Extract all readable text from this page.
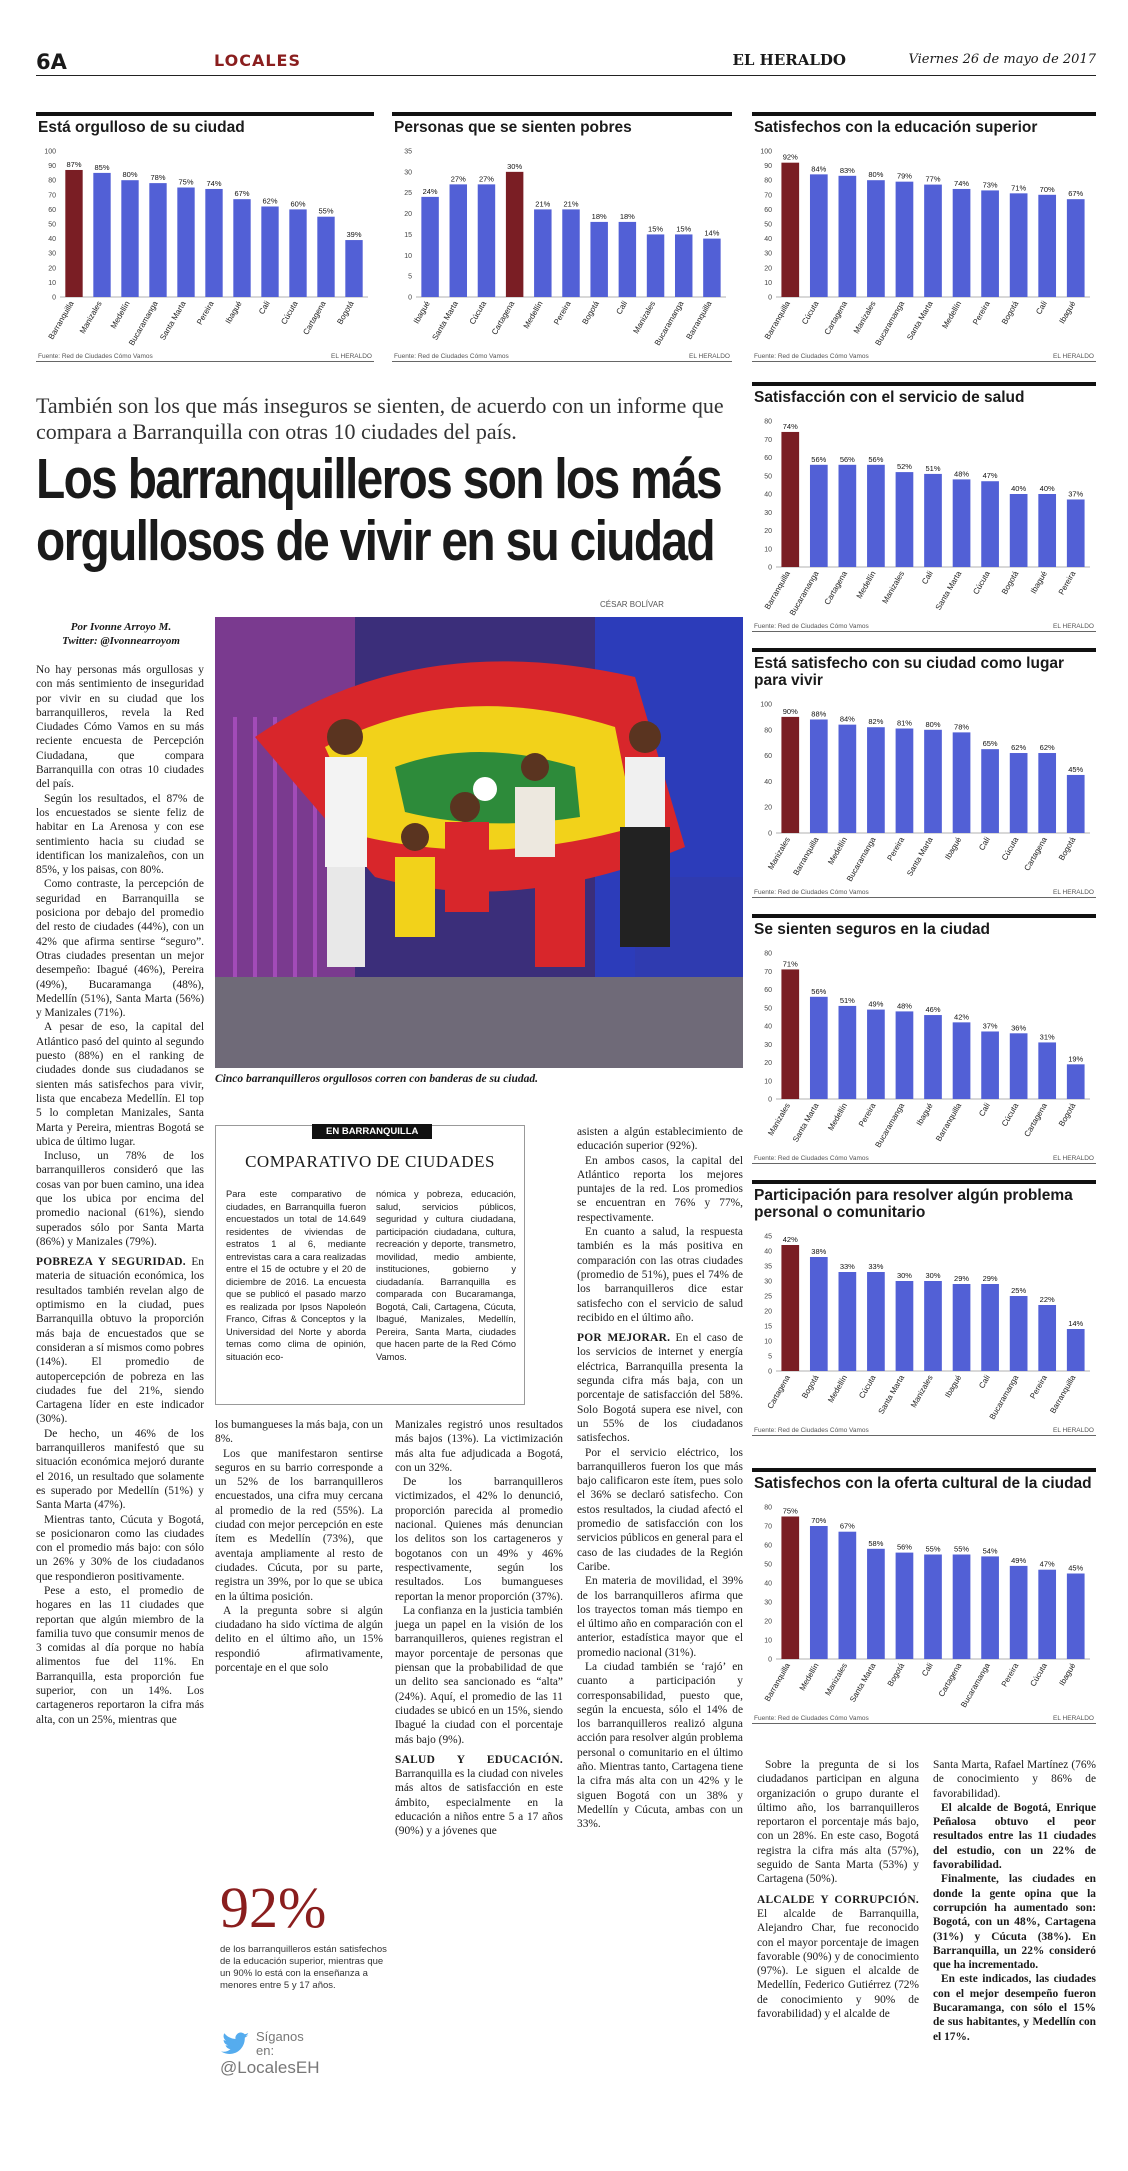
6A	LOCALES	EL HERALDO	Viernes 26 de mayo de 2017
Está orgulloso de su ciudad
0
10
20
30
40
50
60
70
80
90
100
87%
Barranquilla
85%
Manizales
80%
Medellín
78%
Bucaramanga
75%
Santa Marta
74%
Pereira
67%
Ibagué
62%
Cali
60%
Cúcuta
55%
Cartagena
39%
Bogotá
Fuente: Red de Ciudades Cómo Vamos	EL HERALDO
Personas que se sienten pobres
0
5
10
15
20
25
30
35
24%
Ibagué
27%
Santa Marta
27%
Cúcuta
30%
Cartagena
21%
Medellín
21%
Pereira
18%
Bogotá
18%
Cali
15%
Manizales
15%
Bucaramanga
14%
Barranquilla
Fuente: Red de Ciudades Cómo Vamos	EL HERALDO
Satisfechos con la educación superior
0
10
20
30
40
50
60
70
80
90
100
92%
Barranquilla
84%
Cúcuta
83%
Cartagena
80%
Manizales
79%
Bucaramanga
77%
Santa Marta
74%
Medellín
73%
Pereira
71%
Bogotá
70%
Cali
67%
Ibagué
Fuente: Red de Ciudades Cómo Vamos	EL HERALDO
Satisfacción con el servicio de salud
0
10
20
30
40
50
60
70
80 74%
Barranquilla
56%
Bucaramanga
56%
Cartagena
56%
Medellín
52%
Manizales
51%
Cali
48%
Santa Marta
47%
Cúcuta
40%
Bogotá
40%
Ibagué
37%
Pereira
Fuente: Red de Ciudades Cómo Vamos	EL HERALDO
Está satisfecho con su ciudad como lugar para vivir
0
20
40
60
80
100
90%
Manizales
88%
Barranquilla
84%
Medellín
82%
Bucaramanga
81%
Pereira
80%
Santa Marta
78%
Ibagué
65%
Cali
62%
Cúcuta
62%
Cartagena
45%
Bogotá
Fuente: Red de Ciudades Cómo Vamos	EL HERALDO
Se sienten seguros en la ciudad
0
10
20
30
40
50
60
70
80
71%
Manizales
56%
Santa Marta
51%
Medellín
49%
Pereira
48%
Bucaramanga
46%
Ibagué
42%
Barranquilla
37%
Cali
36%
Cúcuta
31%
Cartagena
19%
Bogotá
Fuente: Red de Ciudades Cómo Vamos	EL HERALDO
Participación para resolver algún problema personal o comunitario
0
5
10
15
20
25
30
35
40
45 42%
Cartagena
38%
Bogotá
33%
Medellín
33%
Cúcuta
30%
Santa Marta
30%
Manizales
29%
Ibagué
29%
Cali
25%
Bucaramanga
22%
Pereira
14%
Barranquilla
Fuente: Red de Ciudades Cómo Vamos	EL HERALDO
Satisfechos con la oferta cultural de la ciudad
0
10
20
30
40
50
60
70
80 75%
Barranquilla
70%
Medellín
67%
Manizales
58%
Santa Marta
56%
Bogotá
55%
Cali
55%
Cartagena
54%
Bucaramanga
49%
Pereira
47%
Cúcuta
45%
Ibagué
Fuente: Red de Ciudades Cómo Vamos	EL HERALDO
También son los que más inseguros se sienten, de acuerdo con un informe que compara a Barranquilla con otras 10 ciudades del país.
Los barranquilleros son los más
orgullosos de vivir en su ciudad
CÉSAR BOLÍVAR
Cinco barranquilleros orgullosos corren con banderas de su ciudad.
Por Ivonne Arroyo M.
Twitter: @Ivonnearroyom

No hay personas más orgullosas y con más sentimiento de inseguridad por vivir en su ciudad que los barranquilleros, revela la Red Ciudades Cómo Vamos en su más reciente encuesta de Percepción Ciudadana, que compara Barranquilla con otras 10 ciudades del país.

Según los resultados, el 87% de los encuestados se siente feliz de habitar en La Arenosa y con ese sentimiento hacia su ciudad se identifican los manizaleños, con un 85%, y los paisas, con 80%.

Como contraste, la percepción de seguridad en Barranquilla se posiciona por debajo del promedio del resto de ciudades (44%), con un 42% que afirma sentirse “seguro”. Otras ciudades presentan un mejor desempeño: Ibagué (46%), Pereira (49%), Bucaramanga (48%), Medellín (51%), Santa Marta (56%) y Manizales (71%).

A pesar de eso, la capital del Atlántico pasó del quinto al segundo puesto (88%) en el ranking de ciudades donde sus ciudadanos se sienten más satisfechos para vivir, lista que encabeza Medellín. El top 5 lo completan Manizales, Santa Marta y Pereira, mientras Bogotá se ubica de último lugar.

Incluso, un 78% de los barranquilleros consideró que las cosas van por buen camino, una idea que los ubica por encima del promedio nacional (61%), siendo superados sólo por Santa Marta (86%) y Manizales (79%).

POBREZA Y SEGURIDAD. En materia de situación económica, los resultados también revelan algo de optimismo en la ciudad, pues Barranquilla obtuvo la proporción más baja de encuestados que se consideran a sí mismos como pobres (14%). El promedio de autopercepción de pobreza en las ciudades fue del 21%, siendo Cartagena líder en este indicador (30%).

De hecho, un 46% de los barranquilleros manifestó que su situación económica mejoró durante el 2016, un resultado que solamente es superado por Medellín (51%) y Santa Marta (47%).

Mientras tanto, Cúcuta y Bogotá, se posicionaron como las ciudades con el promedio más bajo: con sólo un 26% y 30% de los ciudadanos que respondieron positivamente.

Pese a esto, el promedio de hogares en las 11 ciudades que reportan que algún miembro de la familia tuvo que consumir menos de 3 comidas al día porque no había alimentos fue del 11%. En Barranquilla, esta proporción fue superior, con un 14%. Los cartageneros reportaron la cifra más alta, con un 25%, mientras que

EN BARRANQUILLA
COMPARATIVO DE CIUDADES
Para este comparativo de ciudades, en Barranquilla fueron encuestados un total de 14.649 residentes de viviendas de estratos 1 al 6, mediante entrevistas cara a cara realizadas entre el 15 de octubre y el 20 de diciembre de 2016. La encuesta que se publicó el pasado marzo es realizada por Ipsos Napoleón Franco, Cifras & Conceptos y la Universidad del Norte y aborda temas como clima de opinión, situación eco-
nómica y pobreza, educación, salud, servicios públicos, seguridad y cultura ciudadana, participación ciudadana, cultura, recreación y deporte, transmetro, movilidad, medio ambiente, instituciones, gobierno y ciudadanía. Barranquilla es comparada con Bucaramanga, Bogotá, Cali, Cartagena, Cúcuta, Ibagué, Manizales, Medellín, Pereira, Santa Marta, ciudades que hacen parte de la Red Cómo Vamos.

los bumangueses la más baja, con un 8%.

Los que manifestaron sentirse seguros en su barrio corresponde a un 52% de los barranquilleros encuestados, una cifra muy cercana al promedio de la red (55%). La ciudad con mejor percepción en este ítem es Medellín (73%), que aventaja ampliamente al resto de ciudades. Cúcuta, por su parte, registra un 39%, por lo que se ubica en la última posición.

A la pregunta sobre si algún ciudadano ha sido víctima de algún delito en el último año, un 15% respondió afirmativamente, porcentaje en el que solo

92%
de los barranquilleros están satisfechos de la educación superior, mientras que un 90% lo está con la enseñanza a menores entre 5 y 17 años.
Síganos en:
@LocalesEH

Manizales registró unos resultados más bajos (13%). La victimización más alta fue adjudicada a Bogotá, con un 32%.

De los barranquilleros victimizados, el 42% lo denunció, proporción parecida al promedio nacional. Quienes más denuncian los delitos son los cartageneros y bogotanos con un 49% y 46% respectivamente, según los resultados. Los bumangueses reportan la menor proporción (37%).

La confianza en la justicia también juega un papel en la visión de los barranquilleros, quienes registran el mayor porcentaje de personas que piensan que la probabilidad de que un delito sea sancionado es “alta” (24%). Aquí, el promedio de las 11 ciudades se ubicó en un 15%, siendo Ibagué la ciudad con el porcentaje más bajo (9%).

SALUD Y EDUCACIÓN. Barranquilla es la ciudad con niveles más altos de satisfacción en este ámbito, especialmente en la educación a niños entre 5 a 17 años (90%) y a jóvenes que

asisten a algún establecimiento de educación superior (92%).

En ambos casos, la capital del Atlántico reporta los mejores puntajes de la red. Los promedios se encuentran en 76% y 77%, respectivamente.

En cuanto a salud, la respuesta también es la más positiva en comparación con las otras ciudades (promedio de 51%), pues el 74% de los barranquilleros dice estar satisfecho con el servicio de salud recibido en el último año.

POR MEJORAR. En el caso de los servicios de internet y energía eléctrica, Barranquilla presenta la segunda cifra más baja, con un porcentaje de satisfacción del 58%. Solo Bogotá supera ese nivel, con un 55% de los ciudadanos satisfechos.

Por el servicio eléctrico, los barranquilleros fueron los que más bajo calificaron este ítem, pues solo el 36% se declaró satisfecho. Con estos resultados, la ciudad afectó el promedio de satisfacción con los servicios públicos en general para el caso de las ciudades de la Región Caribe.

En materia de movilidad, el 39% de los barranquilleros afirma que los trayectos toman más tiempo en el último año en comparación con el anterior, estadística mayor que el promedio nacional (31%).

La ciudad también se ‘rajó’ en cuanto a participación y corresponsabilidad, puesto que, según la encuesta, sólo el 14% de los barranquilleros realizó alguna acción para resolver algún problema personal o comunitario en el último año. Mientras tanto, Cartagena tiene la cifra más alta con un 42% y le siguen Bogotá con un 38% y Medellín y Cúcuta, ambas con un 33%.

Sobre la pregunta de si los ciudadanos participan en alguna organización o grupo durante el último año, los barranquilleros reportaron el porcentaje más bajo, con un 28%. En este caso, Bogotá registra la cifra más alta (57%), seguido de Santa Marta (53%) y Cartagena (50%).

ALCALDE Y CORRUPCIÓN. El alcalde de Barranquilla, Alejandro Char, fue reconocido con el mayor porcentaje de imagen favorable (90%) y de conocimiento (97%). Le siguen el alcalde de Medellín, Federico Gutiérrez (72% de conocimiento y 90% de favorabilidad) y el alcalde de

Santa Marta, Rafael Martínez (76% de conocimiento y 86% de favorabilidad).

El alcalde de Bogotá, Enrique Peñalosa obtuvo el peor resultados entre las 11 ciudades del estudio, con un 22% de favorabilidad.

Finalmente, las ciudades en donde la gente opina que la corrupción ha aumentado son: Bogotá, con un 48%, Cartagena (31%) y Cúcuta (38%). En Barranquilla, un 22% consideró que ha incrementado.

En este indicados, las ciudades con el mejor desempeño fueron Bucaramanga, con sólo el 15% de sus habitantes, y Medellín con el 17%.
